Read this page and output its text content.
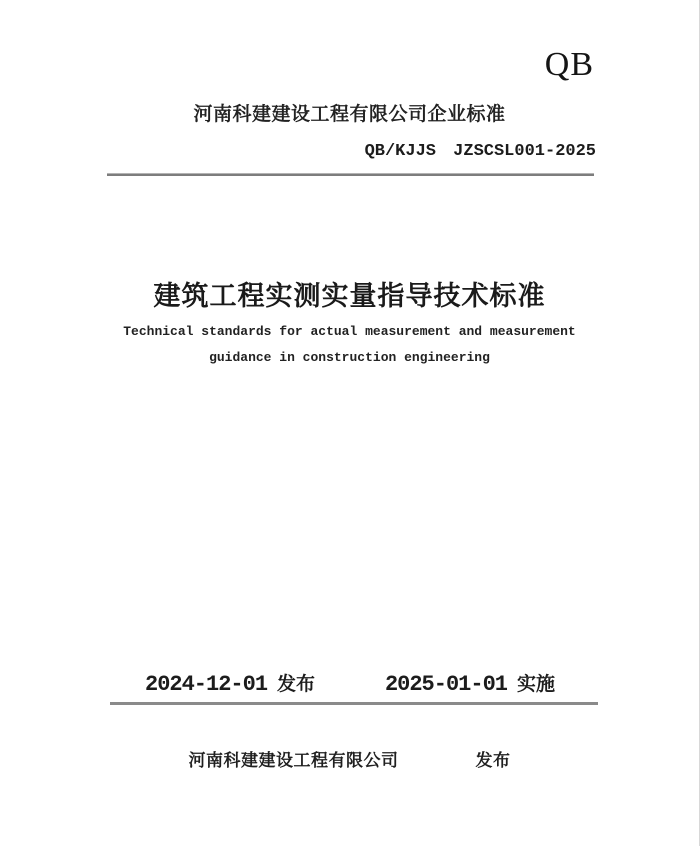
QB
河南科建建设工程有限公司企业标准
QB/KJJS JZSCSL001-2025
建筑工程实测实量指导技术标准
Technical standards for actual measurement and measurement
guidance in construction engineering
2024-12-01 发布	2025-01-01 实施
河南科建建设工程有限公司	发布
